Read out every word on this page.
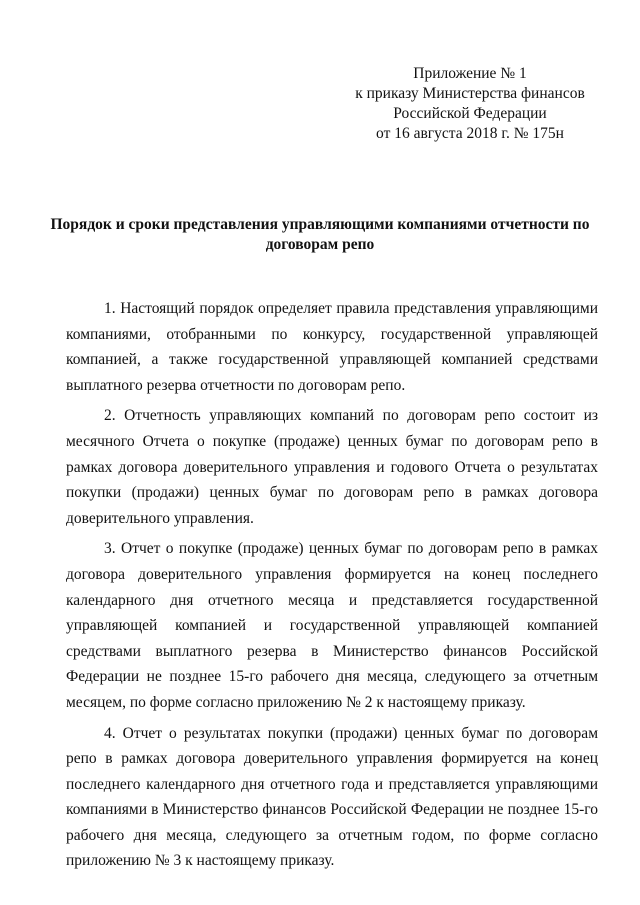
Приложение № 1
к приказу Министерства финансов
Российской Федерации
от 16 августа 2018 г. № 175н
Порядок и сроки представления управляющими компаниями отчетности по
договорам репо

1. Настоящий порядок определяет правила представления управляющими компаниями, отобранными по конкурсу, государственной управляющей компанией, а также государственной управляющей компанией средствами выплатного резерва отчетности по договорам репо.

2. Отчетность управляющих компаний по договорам репо состоит из месячного Отчета о покупке (продаже) ценных бумаг по договорам репо в рамках договора доверительного управления и годового Отчета о результатах покупки (продажи) ценных бумаг по договорам репо в рамках договора доверительного управления.

3. Отчет о покупке (продаже) ценных бумаг по договорам репо в рамках договора доверительного управления формируется на конец последнего календарного дня отчетного месяца и представляется государственной управляющей компанией и государственной управляющей компанией средствами выплатного резерва в Министерство финансов Российской Федерации не позднее 15-го рабочего дня месяца, следующего за отчетным месяцем, по форме согласно приложению № 2 к настоящему приказу.

4. Отчет о результатах покупки (продажи) ценных бумаг по договорам репо в рамках договора доверительного управления формируется на конец последнего календарного дня отчетного года и представляется управляющими компаниями в Министерство финансов Российской Федерации не позднее 15-го рабочего дня месяца, следующего за отчетным годом, по форме согласно приложению № 3 к настоящему приказу.
